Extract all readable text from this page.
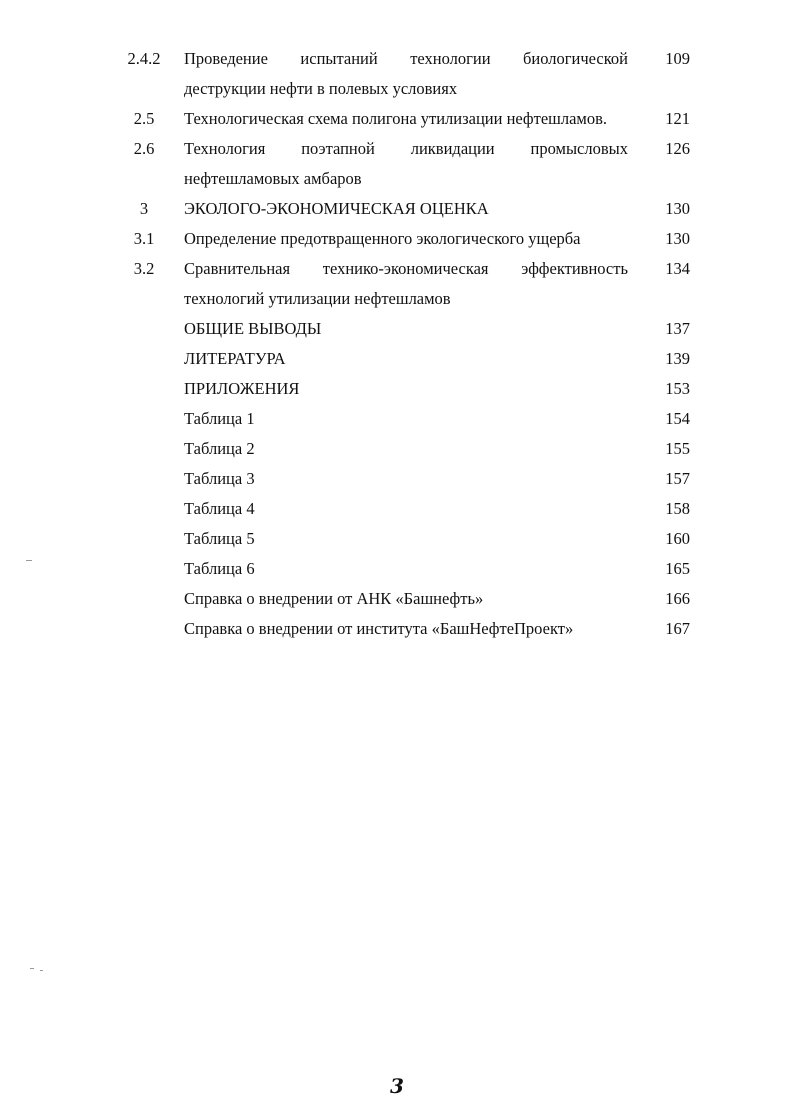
2.4.2	Проведение испытаний технологии биологической	109
деструкции нефти в полевых условиях
2.5	Технологическая схема полигона утилизации нефтешламов.	121
2.6	Технология поэтапной ликвидации промысловых	126
нефтешламовых амбаров
3	ЭКОЛОГО-ЭКОНОМИЧЕСКАЯ ОЦЕНКА	130
3.1	Определение предотвращенного экологического ущерба	130
3.2	Сравнительная технико-экономическая эффективность	134
технологий утилизации нефтешламов
ОБЩИЕ ВЫВОДЫ	137
ЛИТЕРАТУРА	139
ПРИЛОЖЕНИЯ	153
Таблица 1	154
Таблица 2	155
Таблица 3	157
Таблица 4	158
Таблица 5	160
Таблица 6	165
Справка о внедрении от АНК «Башнефть»	166
Справка о внедрении от института «БашНефтеПроект»	167
3
